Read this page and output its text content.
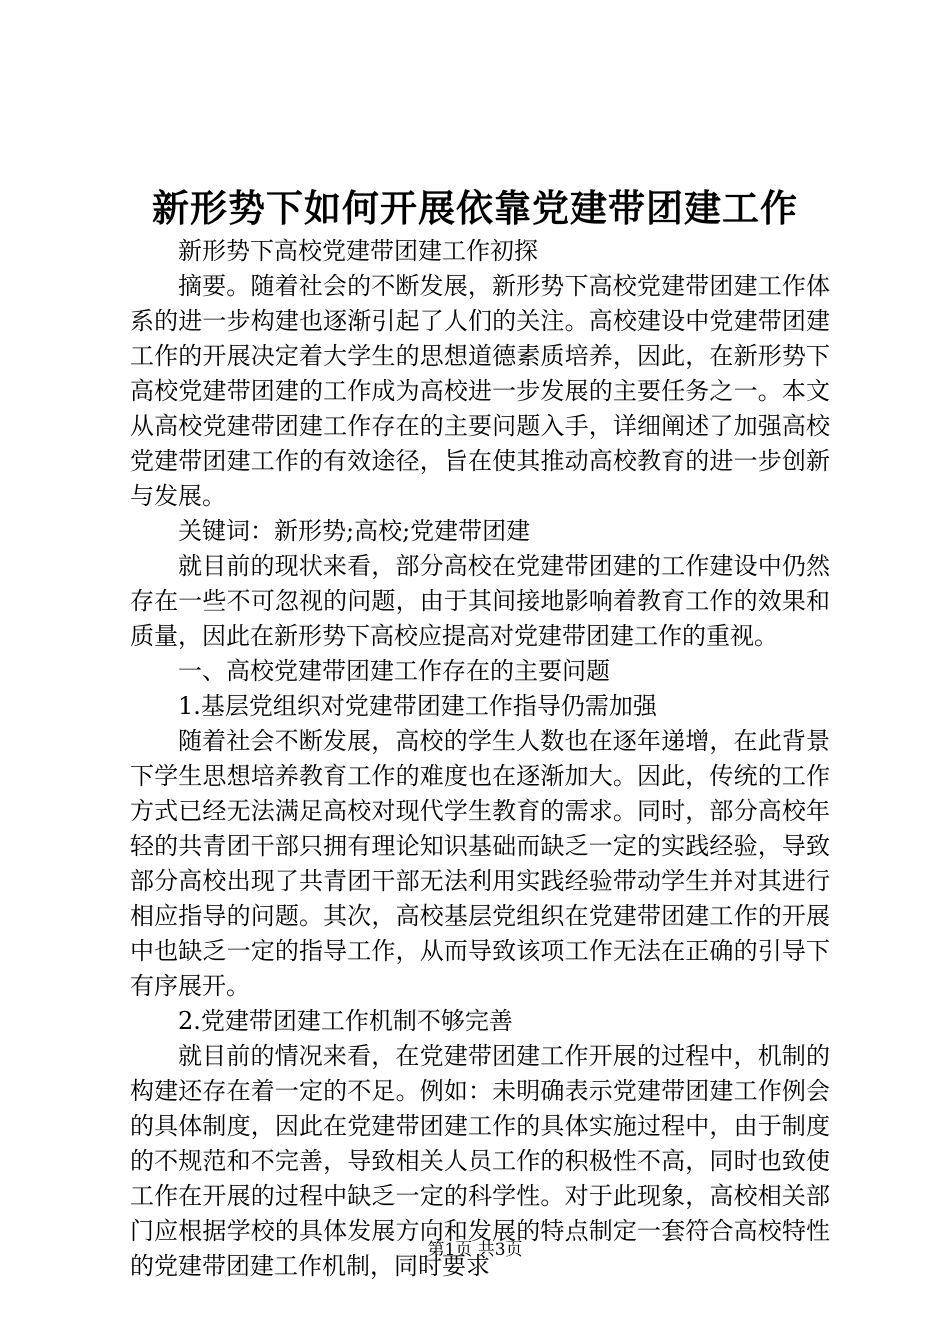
新形势下如何开展依靠党建带团建工作

新形势下高校党建带团建工作初探

摘要。随着社会的不断发展，新形势下高校党建带团建工作体系的进一步构建也逐渐引起了人们的关注。高校建设中党建带团建工作的开展决定着大学生的思想道德素质培养，因此，在新形势下高校党建带团建的工作成为高校进一步发展的主要任务之一。本文从高校党建带团建工作存在的主要问题入手，详细阐述了加强高校党建带团建工作的有效途径，旨在使其推动高校教育的进一步创新与发展。

关键词：新形势;高校;党建带团建

就目前的现状来看，部分高校在党建带团建的工作建设中仍然存在一些不可忽视的问题，由于其间接地影响着教育工作的效果和质量，因此在新形势下高校应提高对党建带团建工作的重视。

一、高校党建带团建工作存在的主要问题

1.基层党组织对党建带团建工作指导仍需加强

随着社会不断发展，高校的学生人数也在逐年递增，在此背景下学生思想培养教育工作的难度也在逐渐加大。因此，传统的工作方式已经无法满足高校对现代学生教育的需求。同时，部分高校年轻的共青团干部只拥有理论知识基础而缺乏一定的实践经验，导致部分高校出现了共青团干部无法利用实践经验带动学生并对其进行相应指导的问题。其次，高校基层党组织在党建带团建工作的开展中也缺乏一定的指导工作，从而导致该项工作无法在正确的引导下有序展开。

2.党建带团建工作机制不够完善

就目前的情况来看，在党建带团建工作开展的过程中，机制的构建还存在着一定的不足。例如：未明确表示党建带团建工作例会的具体制度，因此在党建带团建工作的具体实施过程中，由于制度的不规范和不完善，导致相关人员工作的积极性不高，同时也致使工作在开展的过程中缺乏一定的科学性。对于此现象，高校相关部门应根据学校的具体发展方向和发展的特点制定一套符合高校特性的党建带团建工作机制，同时要求

第1页 共3页
